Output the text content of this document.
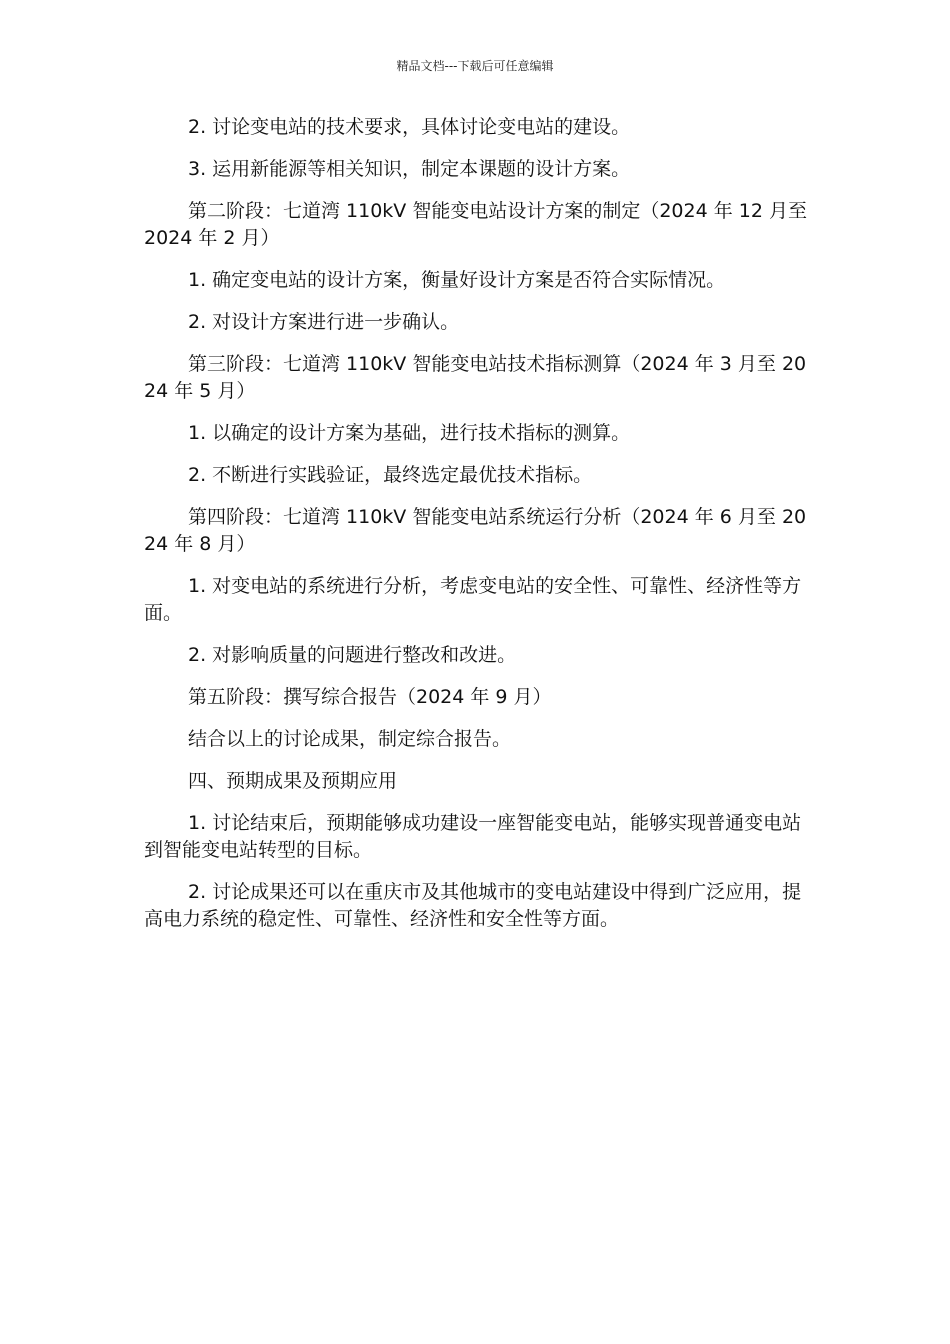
精品文档---下载后可任意编辑

2. 讨论变电站的技术要求，具体讨论变电站的建设。

3. 运用新能源等相关知识，制定本课题的设计方案。

第二阶段：七道湾 110kV 智能变电站设计方案的制定（2024 年 12 月至 2024 年 2 月）

1. 确定变电站的设计方案，衡量好设计方案是否符合实际情况。

2. 对设计方案进行进一步确认。

第三阶段：七道湾 110kV 智能变电站技术指标测算（2024 年 3 月至 2024 年 5 月）

1. 以确定的设计方案为基础，进行技术指标的测算。

2. 不断进行实践验证，最终选定最优技术指标。

第四阶段：七道湾 110kV 智能变电站系统运行分析（2024 年 6 月至 2024 年 8 月）

1. 对变电站的系统进行分析，考虑变电站的安全性、可靠性、经济性等方面。

2. 对影响质量的问题进行整改和改进。

第五阶段：撰写综合报告（2024 年 9 月）

结合以上的讨论成果，制定综合报告。

四、预期成果及预期应用

1. 讨论结束后，预期能够成功建设一座智能变电站，能够实现普通变电站到智能变电站转型的目标。

2. 讨论成果还可以在重庆市及其他城市的变电站建设中得到广泛应用，提高电力系统的稳定性、可靠性、经济性和安全性等方面。
